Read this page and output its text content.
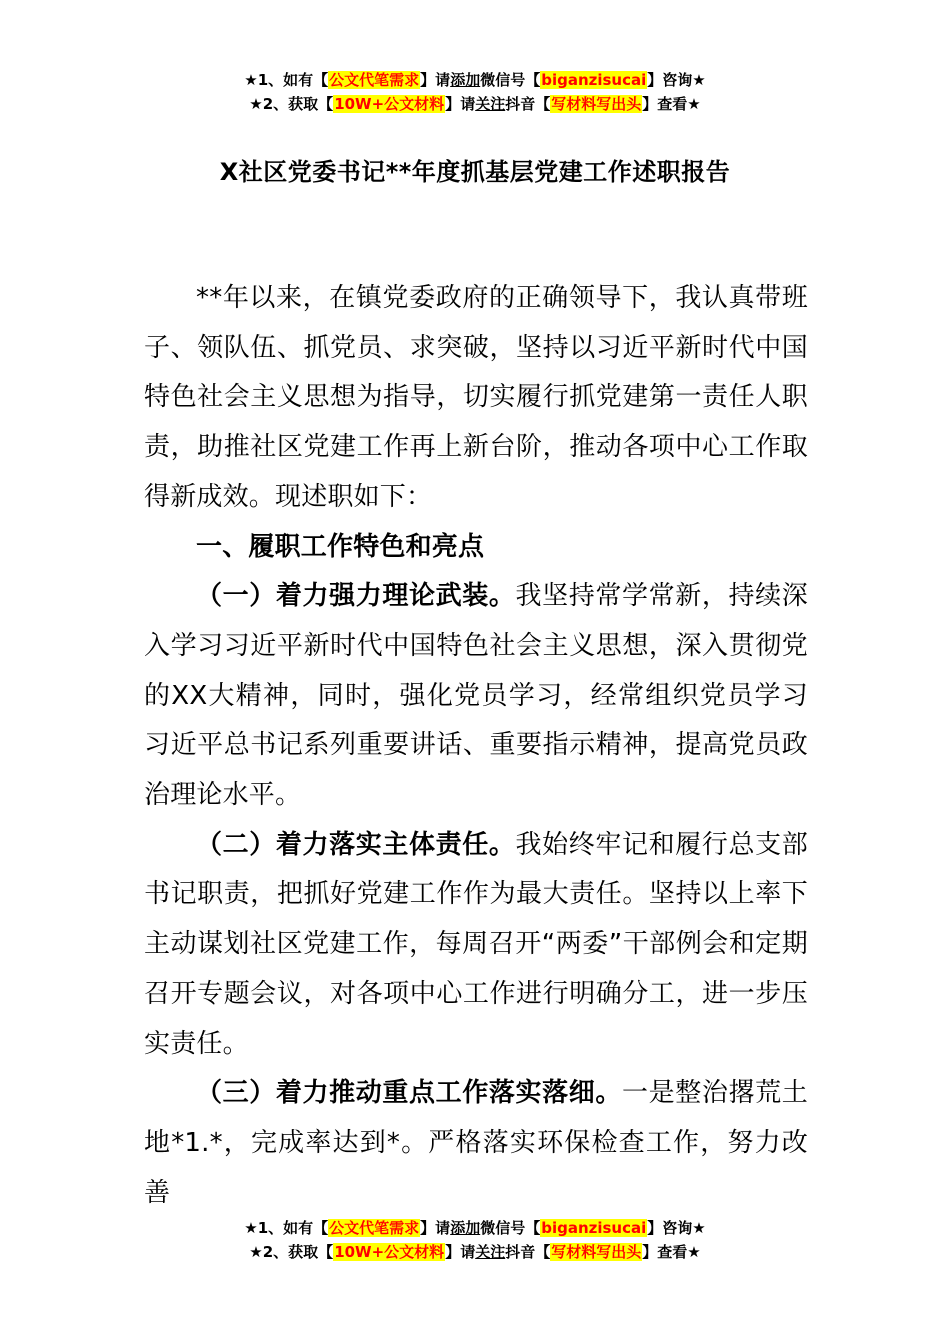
★1、如有【公文代笔需求】请添加微信号【biganzisucai】咨询★
★2、获取【10W+公文材料】请关注抖音【写材料写出头】查看★
X社区党委书记**年度抓基层党建工作述职报告

**年以来，在镇党委政府的正确领导下，我认真带班子、领队伍、抓党员、求突破，坚持以习近平新时代中国特色社会主义思想为指导，切实履行抓党建第一责任人职责，助推社区党建工作再上新台阶，推动各项中心工作取得新成效。现述职如下：

一、履职工作特色和亮点

（一）着力强力理论武装。我坚持常学常新，持续深入学习习近平新时代中国特色社会主义思想，深入贯彻党的XX大精神，同时，强化党员学习，经常组织党员学习习近平总书记系列重要讲话、重要指示精神，提高党员政治理论水平。

（二）着力落实主体责任。我始终牢记和履行总支部书记职责，把抓好党建工作作为最大责任。坚持以上率下主动谋划社区党建工作，每周召开“两委”干部例会和定期召开专题会议，对各项中心工作进行明确分工，进一步压实责任。

（三）着力推动重点工作落实落细。一是整治撂荒土地*1.*，完成率达到*。严格落实环保检查工作，努力改善

★1、如有【公文代笔需求】请添加微信号【biganzisucai】咨询★
★2、获取【10W+公文材料】请关注抖音【写材料写出头】查看★
